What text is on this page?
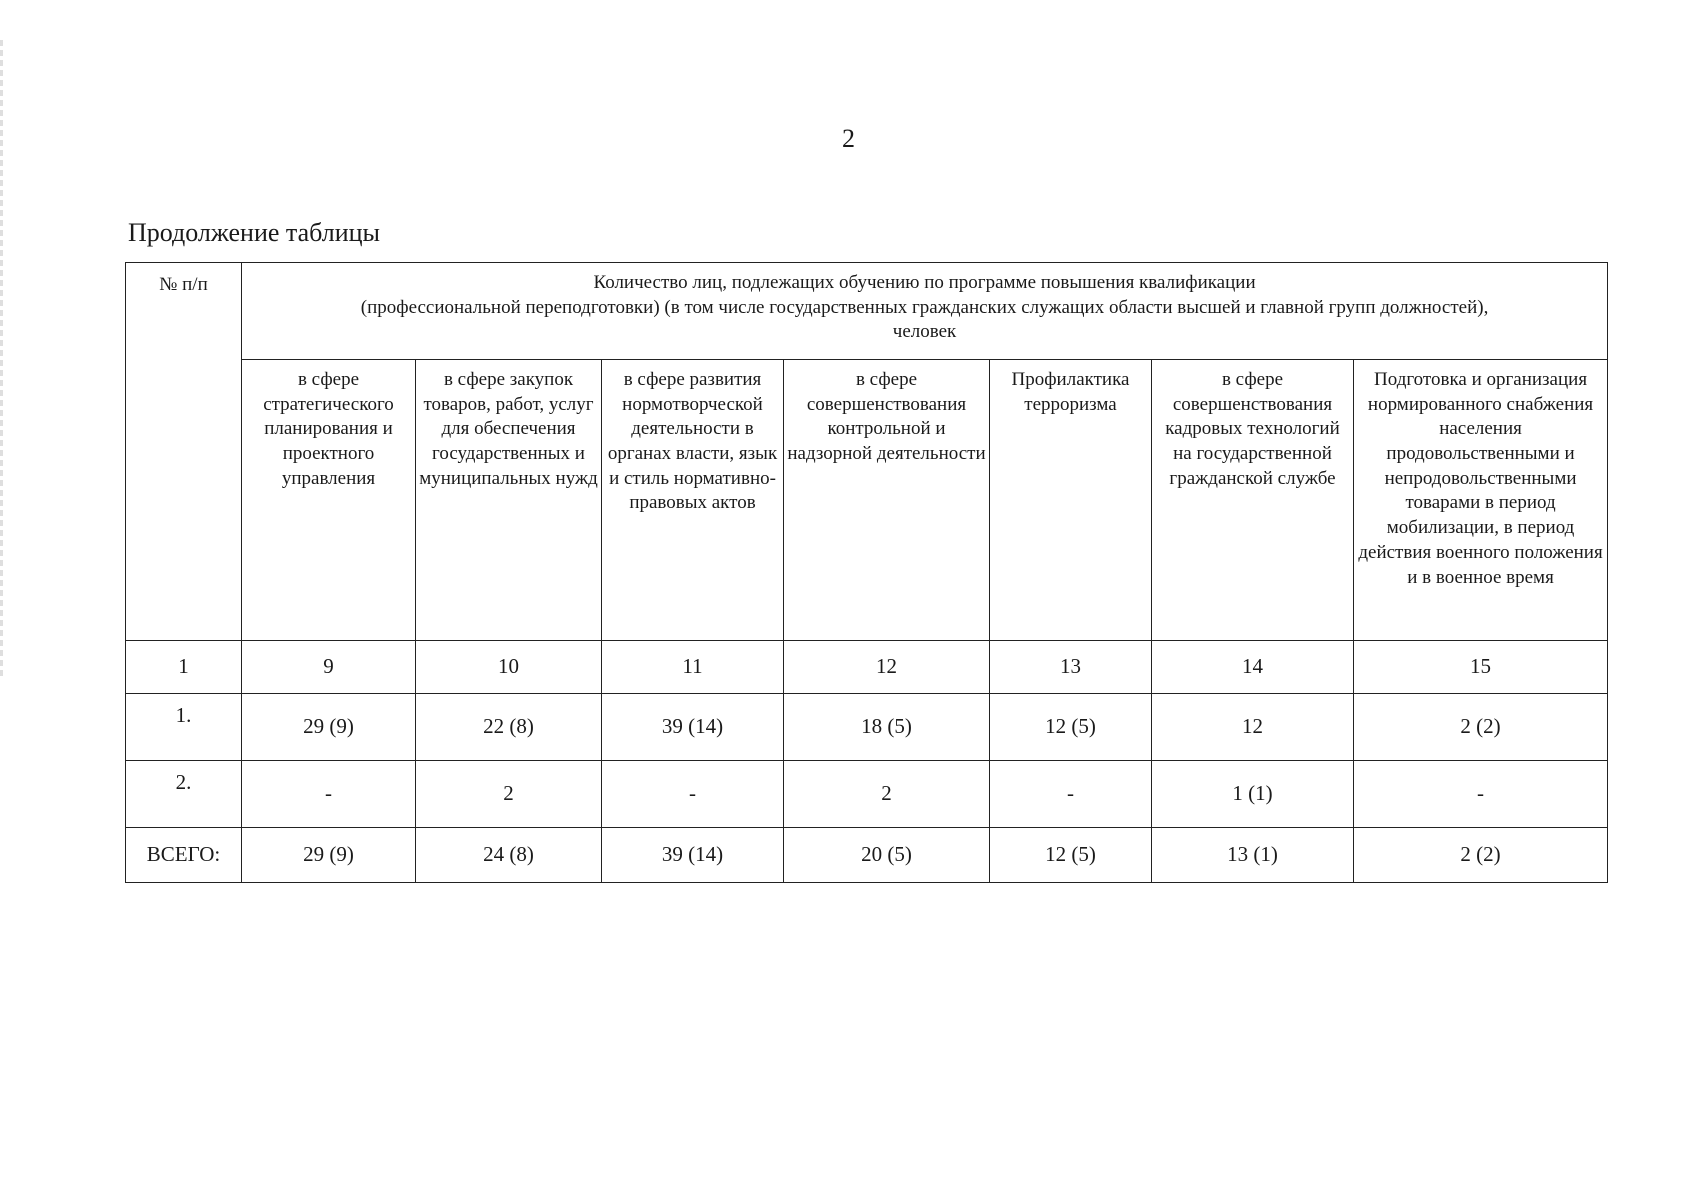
2
Продолжение таблицы
№ п/п	Количество лиц, подлежащих обучению по программе повышения квалификации
(профессиональной переподготовки) (в том числе государственных гражданских служащих области высшей и главной групп должностей),
человек						

	в сфере стратегического планирования и проектного управления	в сфере закупок товаров, работ, услуг для обеспечения государственных и муниципальных нужд	в сфере развития нормотворческой деятельности в органах власти, язык и стиль нормативно-правовых актов	в сфере совершенствования контрольной и надзорной деятельности	Профилактика терроризма	в сфере совершенствования кадровых технологий на государственной гражданской службе	Подготовка и организация нормированного снабжения населения продовольственными и непродовольственными товарами в период мобилизации, в период действия военного положения и в военное время
1	9	10	11	12	13	14	15
1.	29 (9)	22 (8)	39 (14)	18 (5)	12 (5)	12	2 (2)
2.	-	2	-	2	-	1 (1)	-
ВСЕГО:	29 (9)	24 (8)	39 (14)	20 (5)	12 (5)	13 (1)	2 (2)
